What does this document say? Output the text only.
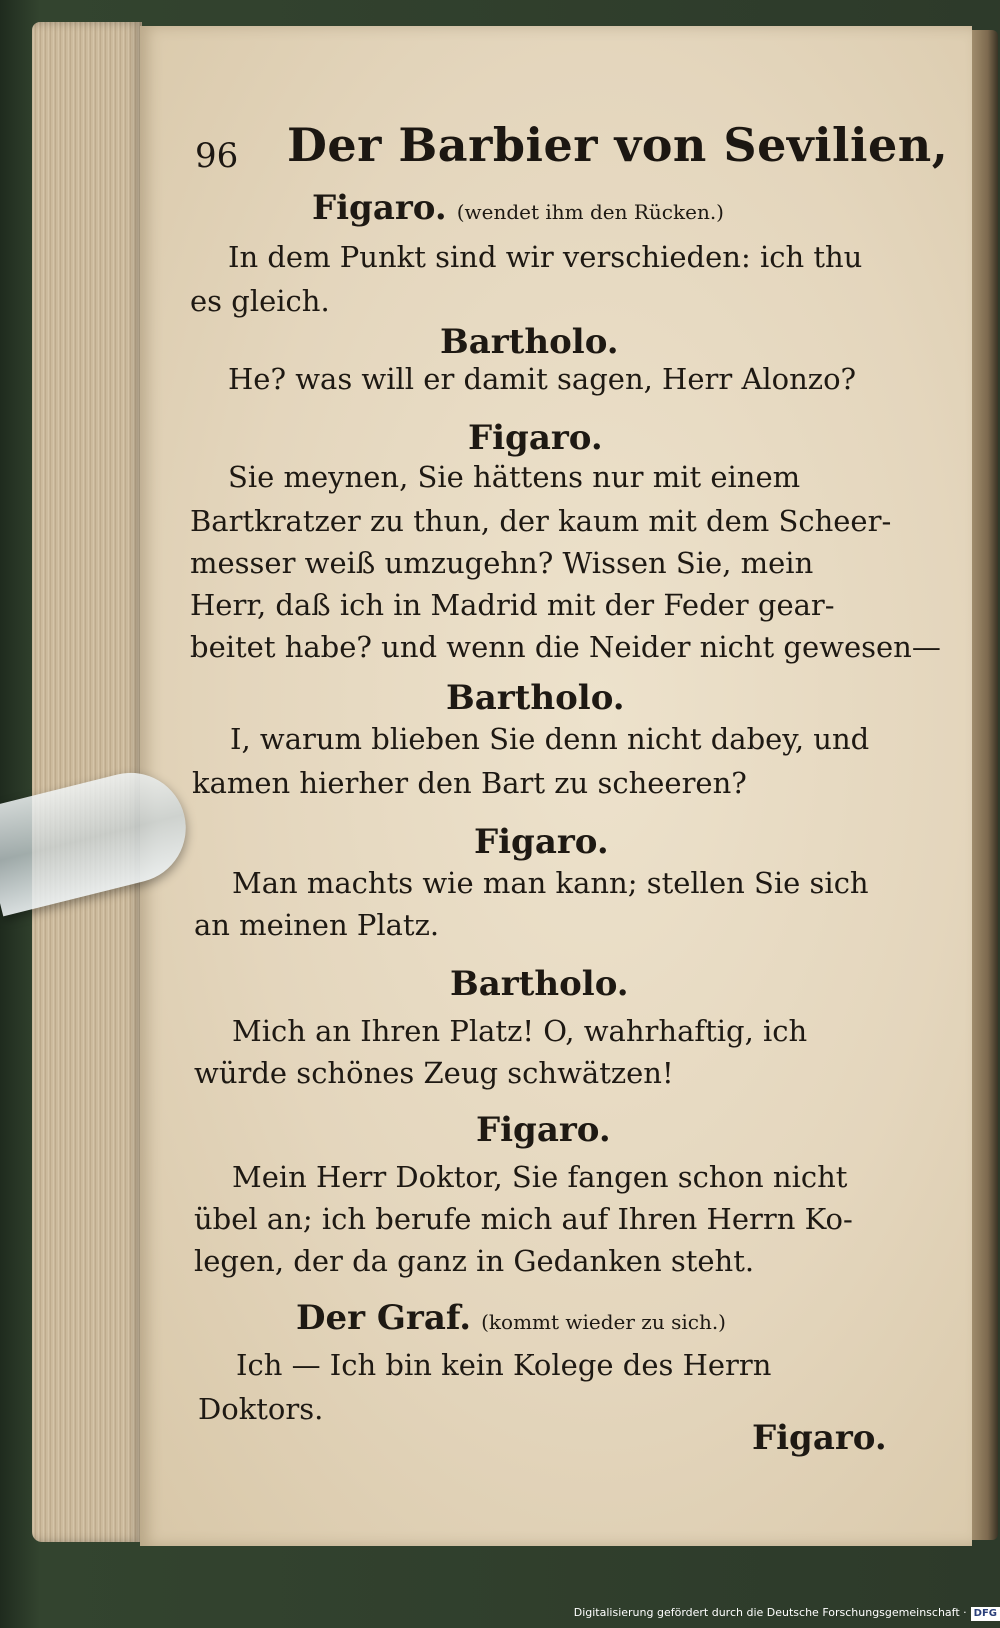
96 Der Barbier von Sevilien,
Figaro. (wendet ihm den Rücken.)
In dem Punkt sind wir verschieden: ich thu
es gleich.
Bartholo.
He? was will er damit sagen, Herr Alonzo?
Figaro.
Sie meynen, Sie hättens nur mit einem
Bartkratzer zu thun, der kaum mit dem Scheer-
messer weiß umzugehn? Wissen Sie, mein
Herr, daß ich in Madrid mit der Feder gear-
beitet habe? und wenn die Neider nicht gewesen—
Bartholo.
I, warum blieben Sie denn nicht dabey, und
kamen hierher den Bart zu scheeren?
Figaro.
Man machts wie man kann; stellen Sie sich
an meinen Platz.
Bartholo.
Mich an Ihren Platz! O, wahrhaftig, ich
würde schönes Zeug schwätzen!
Figaro.
Mein Herr Doktor, Sie fangen schon nicht
übel an; ich berufe mich auf Ihren Herrn Ko-
legen, der da ganz in Gedanken steht.
Der Graf. (kommt wieder zu sich.)
Ich — Ich bin kein Kolege des Herrn
Doktors.
Figaro.
Digitalisierung gefördert durch die Deutsche Forschungsgemeinschaft · DFG
